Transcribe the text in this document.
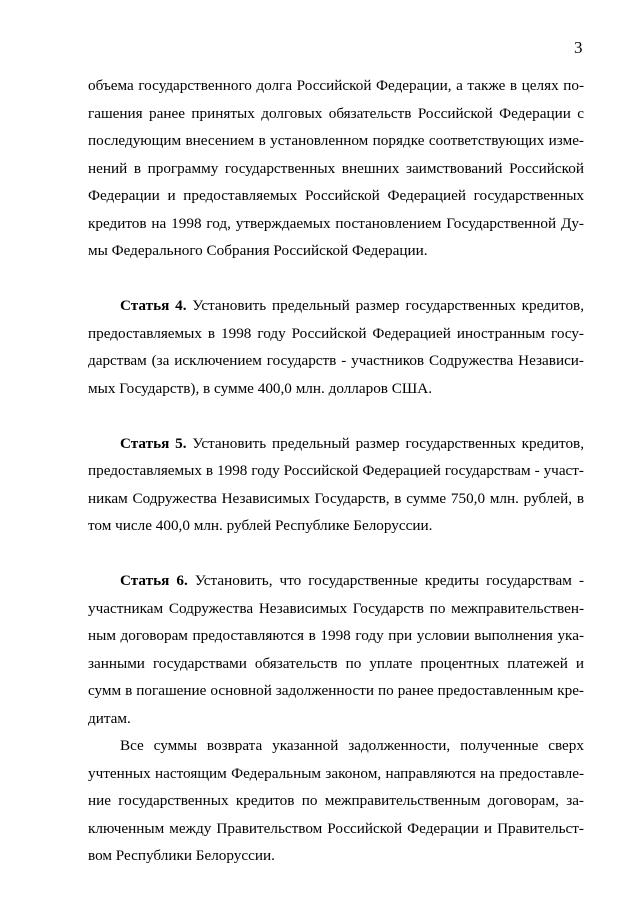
3
объема государственного долга Российской Федерации, а также в целях по-
гашения ранее принятых долговых обязательств Российской Федерации с
последующим внесением в установленном порядке соответствующих изме-
нений в программу государственных внешних заимствований Российской
Федерации и предоставляемых Российской Федерацией государственных
кредитов на 1998 год, утверждаемых постановлением Государственной Ду-
мы Федерального Собрания Российской Федерации.
Статья 4. Установить предельный размер государственных кредитов,
предоставляемых в 1998 году Российской Федерацией иностранным госу-
дарствам (за исключением государств - участников Содружества Независи-
мых Государств), в сумме 400,0 млн. долларов США.
Статья 5. Установить предельный размер государственных кредитов,
предоставляемых в 1998 году Российской Федерацией государствам - участ-
никам Содружества Независимых Государств, в сумме 750,0 млн. рублей, в
том числе 400,0 млн. рублей Республике Белоруссии.
Статья 6. Установить, что государственные кредиты государствам -
участникам Содружества Независимых Государств по межправительствен-
ным договорам предоставляются в 1998 году при условии выполнения ука-
занными государствами обязательств по уплате процентных платежей и
сумм в погашение основной задолженности по ранее предоставленным кре-
дитам.
Все суммы возврата указанной задолженности, полученные сверх
учтенных настоящим Федеральным законом, направляются на предоставле-
ние государственных кредитов по межправительственным договорам, за-
ключенным между Правительством Российской Федерации и Правительст-
вом Республики Белоруссии.
